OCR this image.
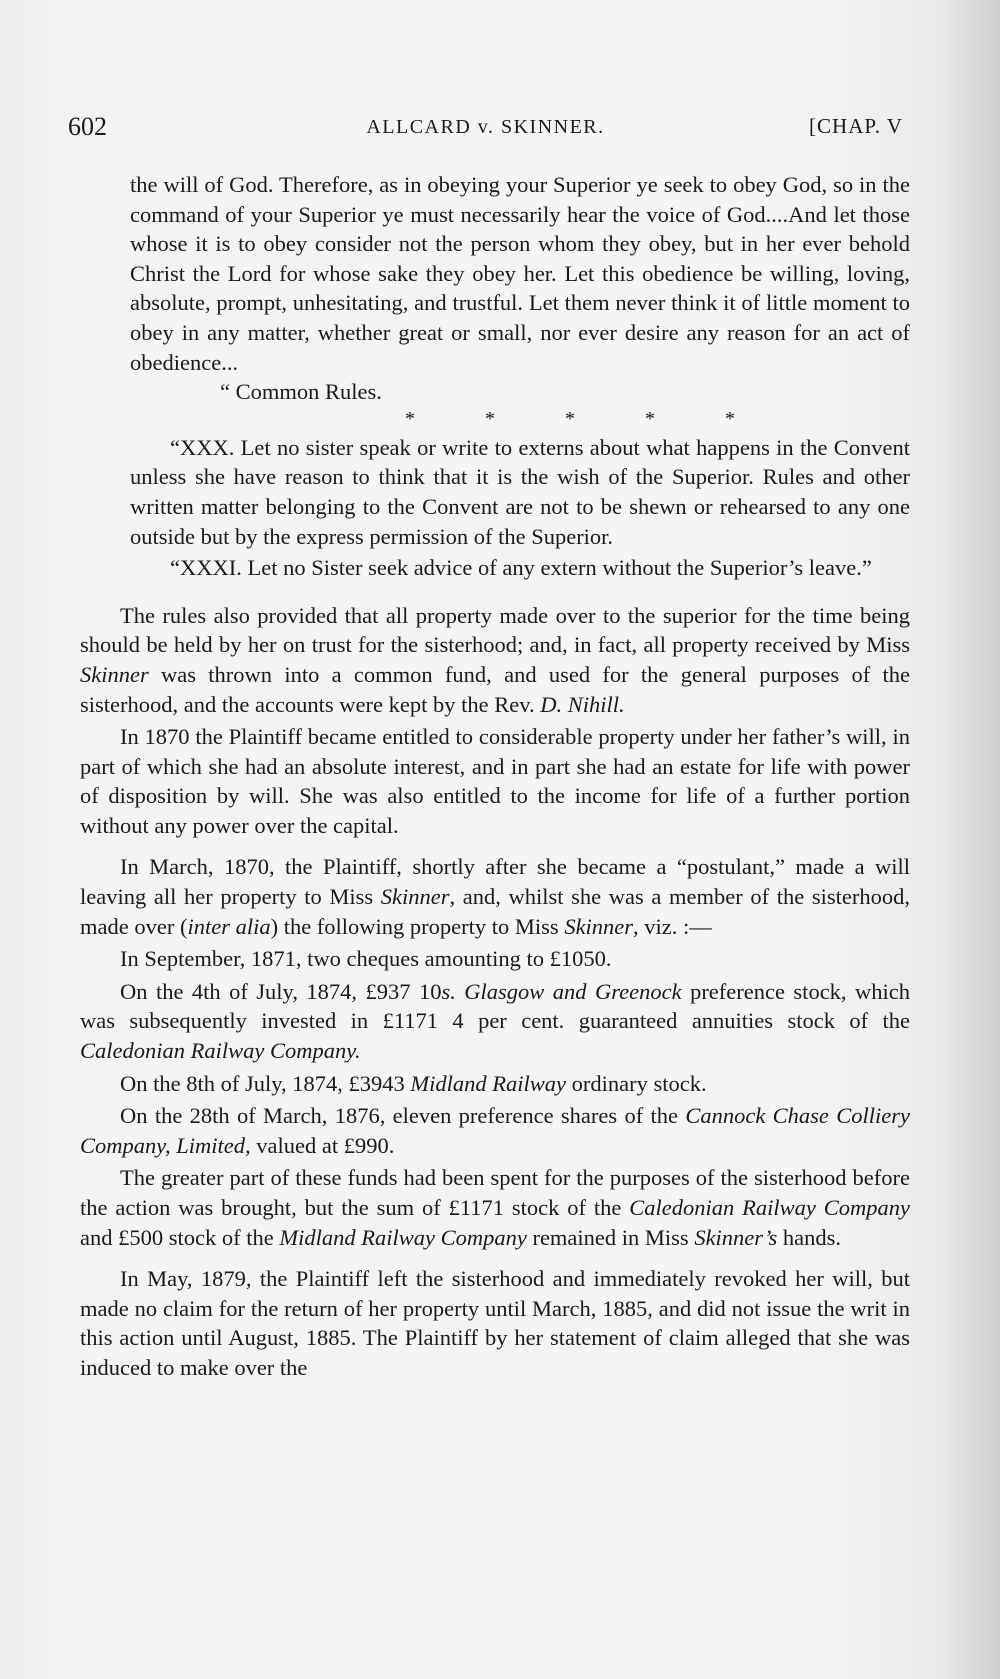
602	ALLCARD v. SKINNER.	[CHAP. V

the will of God. Therefore, as in obeying your Superior ye seek to obey God, so in the command of your Superior ye must necessarily hear the voice of God....And let those whose it is to obey consider not the person whom they obey, but in her ever behold Christ the Lord for whose sake they obey her. Let this obedience be willing, loving, absolute, prompt, unhesitating, and trustful. Let them never think it of little moment to obey in any matter, whether great or small, nor ever desire any reason for an act of obedience...

“ Common Rules.

*	*	*	*	*

“XXX. Let no sister speak or write to externs about what happens in the Convent unless she have reason to think that it is the wish of the Superior. Rules and other written matter belonging to the Convent are not to be shewn or rehearsed to any one outside but by the express permission of the Superior.

“XXXI. Let no Sister seek advice of any extern without the Superior’s leave.”

The rules also provided that all property made over to the superior for the time being should be held by her on trust for the sisterhood; and, in fact, all property received by Miss Skinner was thrown into a common fund, and used for the general purposes of the sisterhood, and the accounts were kept by the Rev. D. Nihill.

In 1870 the Plaintiff became entitled to considerable property under her father’s will, in part of which she had an absolute interest, and in part she had an estate for life with power of disposition by will. She was also entitled to the income for life of a further portion without any power over the capital.

In March, 1870, the Plaintiff, shortly after she became a “postulant,” made a will leaving all her property to Miss Skinner, and, whilst she was a member of the sisterhood, made over (inter alia) the following property to Miss Skinner, viz. :—

In September, 1871, two cheques amounting to £1050.

On the 4th of July, 1874, £937 10s. Glasgow and Greenock preference stock, which was subsequently invested in £1171 4 per cent. guaranteed annuities stock of the Caledonian Railway Company.

On the 8th of July, 1874, £3943 Midland Railway ordinary stock.

On the 28th of March, 1876, eleven preference shares of the Cannock Chase Colliery Company, Limited, valued at £990.

The greater part of these funds had been spent for the purposes of the sisterhood before the action was brought, but the sum of £1171 stock of the Caledonian Railway Company and £500 stock of the Midland Railway Company remained in Miss Skinner’s hands.

In May, 1879, the Plaintiff left the sisterhood and immediately revoked her will, but made no claim for the return of her property until March, 1885, and did not issue the writ in this action until August, 1885. The Plaintiff by her statement of claim alleged that she was induced to make over the
